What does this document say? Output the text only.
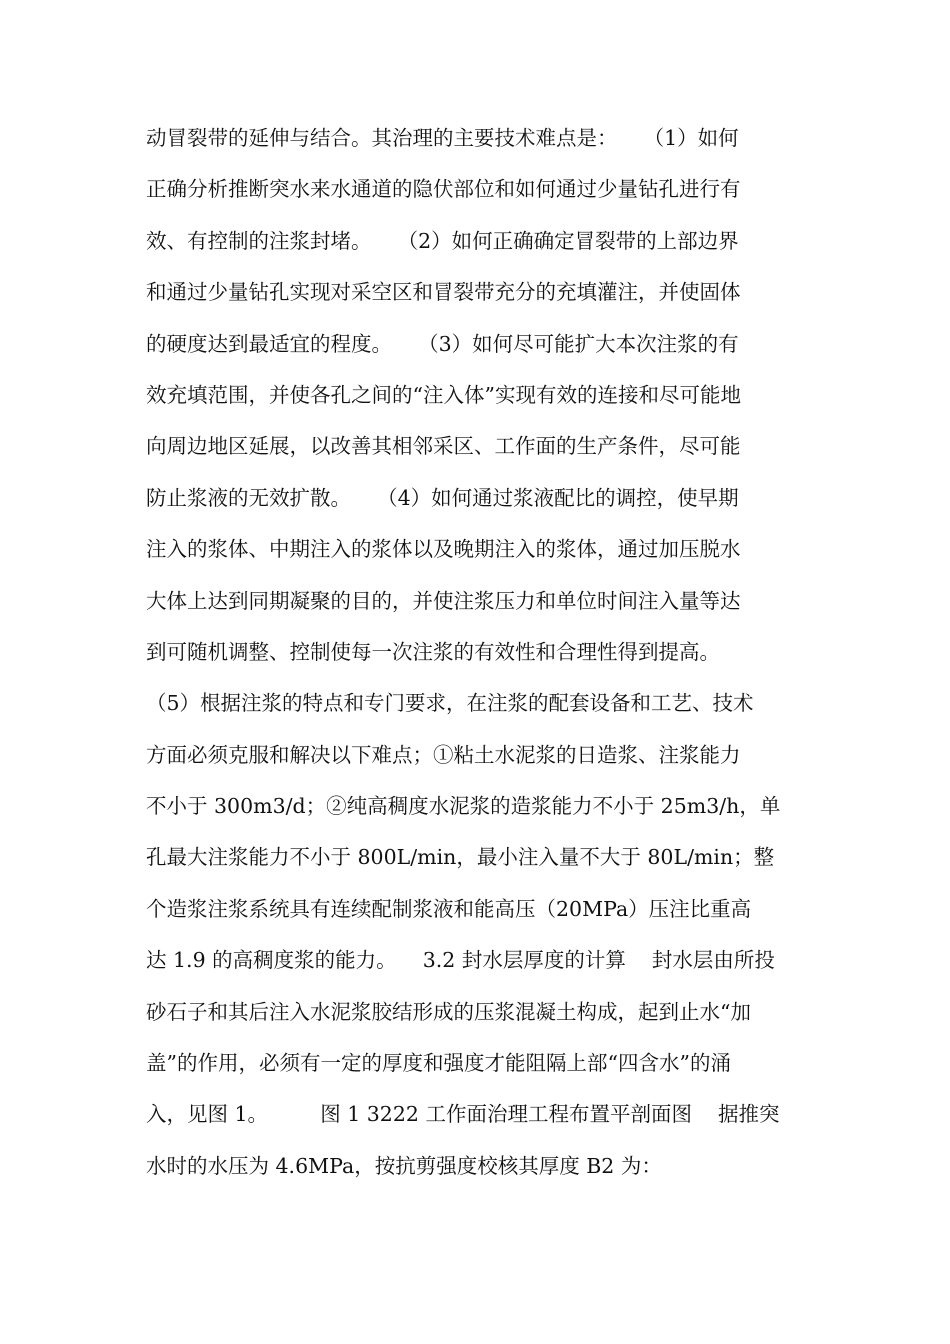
动冒裂带的延伸与结合。其治理的主要技术难点是：    （1）如何
正确分析推断突水来水通道的隐伏部位和如何通过少量钻孔进行有
效、有控制的注浆封堵。    （2）如何正确确定冒裂带的上部边界
和通过少量钻孔实现对采空区和冒裂带充分的充填灌注，并使固体
的硬度达到最适宜的程度。    （3）如何尽可能扩大本次注浆的有
效充填范围，并使各孔之间的“注入体”实现有效的连接和尽可能地
向周边地区延展，以改善其相邻采区、工作面的生产条件，尽可能
防止浆液的无效扩散。    （4）如何通过浆液配比的调控，使早期
注入的浆体、中期注入的浆体以及晚期注入的浆体，通过加压脱水
大体上达到同期凝聚的目的，并使注浆压力和单位时间注入量等达
到可随机调整、控制使每一次注浆的有效性和合理性得到提高。
（5）根据注浆的特点和专门要求，在注浆的配套设备和工艺、技术
方面必须克服和解决以下难点；①粘土水泥浆的日造浆、注浆能力
不小于 300m3/d；②纯高稠度水泥浆的造浆能力不小于 25m3/h，单
孔最大注浆能力不小于 800L/min，最小注入量不大于 80L/min；整
个造浆注浆系统具有连续配制浆液和能高压（20MPa）压注比重高
达 1.9 的高稠度浆的能力。    3.2 封水层厚度的计算    封水层由所投
砂石子和其后注入水泥浆胶结形成的压浆混凝土构成，起到止水“加
盖”的作用，必须有一定的厚度和强度才能阻隔上部“四含水”的涌
入，见图 1。        图 1 3222 工作面治理工程布置平剖面图    据推突
水时的水压为 4.6MPa，按抗剪强度校核其厚度 B2 为：
